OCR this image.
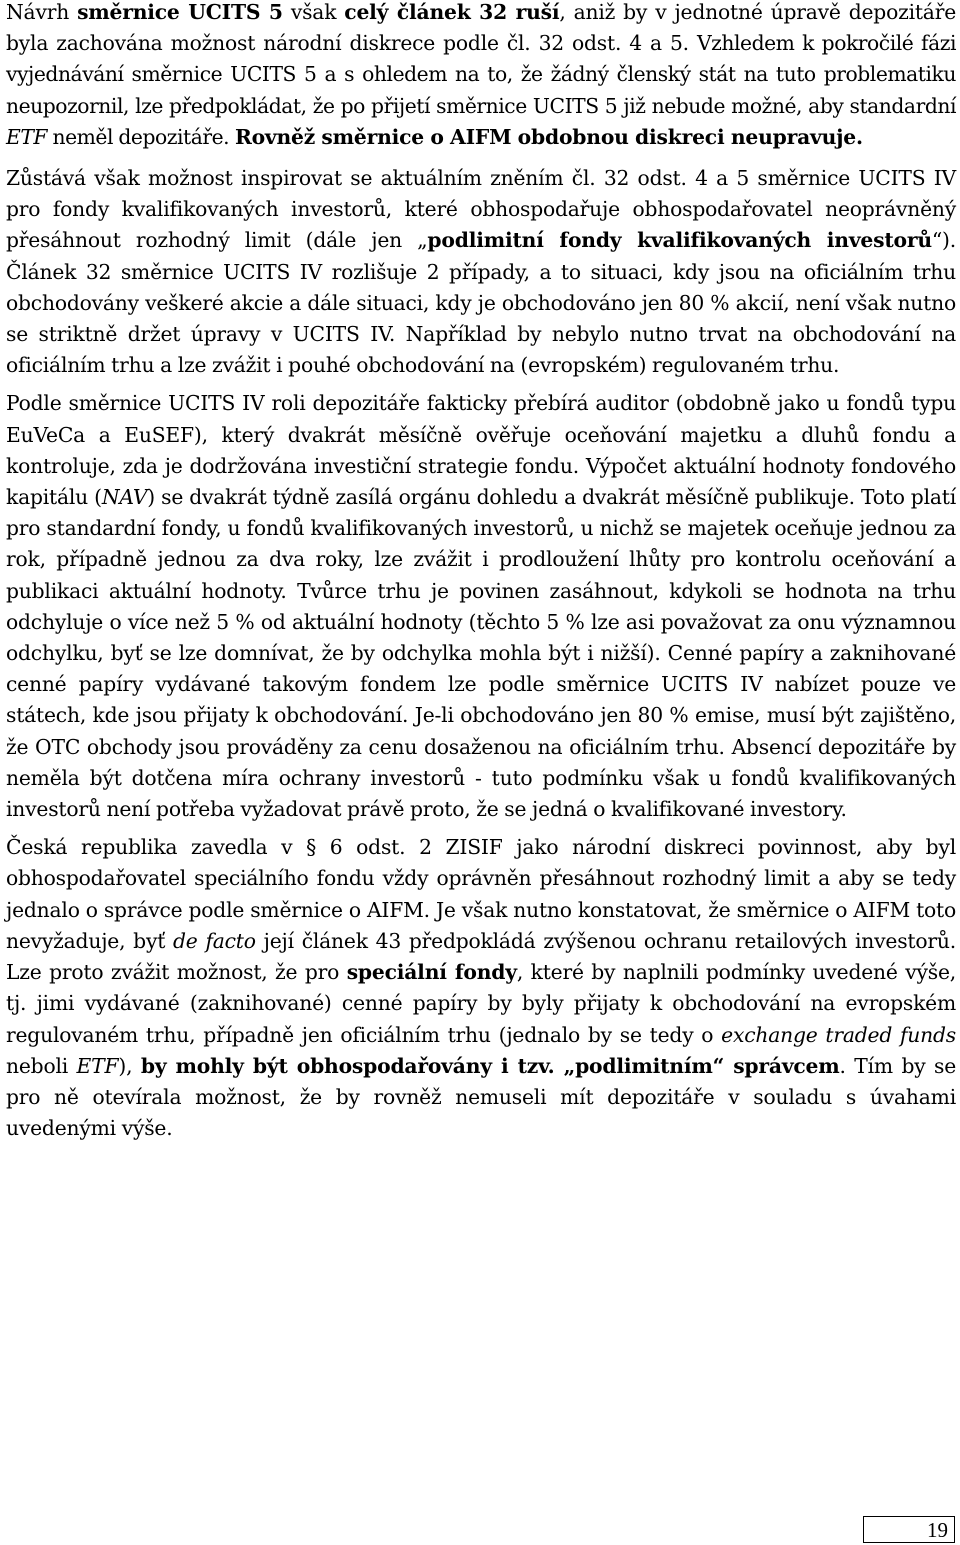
Návrh směrnice UCITS 5 však celý článek 32 ruší, aniž by v jednotné úpravě depozitáře byla zachována možnost národní diskrece podle čl. 32 odst. 4 a 5. Vzhledem k pokročilé fázi vyjednávání směrnice UCITS 5 a s ohledem na to, že žádný členský stát na tuto problematiku neupozornil, lze předpokládat, že po přijetí směrnice UCITS 5 již nebude možné, aby standardní ETF neměl depozitáře. Rovněž směrnice o AIFM obdobnou diskreci neupravuje.

Zůstává však možnost inspirovat se aktuálním zněním čl. 32 odst. 4 a 5 směrnice UCITS IV pro fondy kvalifikovaných investorů, které obhospodařuje obhospodařovatel neoprávněný přesáhnout rozhodný limit (dále jen „podlimitní fondy kvalifikovaných investorů“). Článek 32 směrnice UCITS IV rozlišuje 2 případy, a to situaci, kdy jsou na oficiálním trhu obchodovány veškeré akcie a dále situaci, kdy je obchodováno jen 80 % akcií, není však nutno se striktně držet úpravy v UCITS IV. Například by nebylo nutno trvat na obchodování na oficiálním trhu a lze zvážit i pouhé obchodování na (evropském) regulovaném trhu.

Podle směrnice UCITS IV roli depozitáře fakticky přebírá auditor (obdobně jako u fondů typu EuVeCa a EuSEF), který dvakrát měsíčně ověřuje oceňování majetku a dluhů fondu a kontroluje, zda je dodržována investiční strategie fondu. Výpočet aktuální hodnoty fondového kapitálu (NAV) se dvakrát týdně zasílá orgánu dohledu a dvakrát měsíčně publikuje. Toto platí pro standardní fondy, u fondů kvalifikovaných investorů, u nichž se majetek oceňuje jednou za rok, případně jednou za dva roky, lze zvážit i prodloužení lhůty pro kontrolu oceňování a publikaci aktuální hodnoty. Tvůrce trhu je povinen zasáhnout, kdykoli se hodnota na trhu odchyluje o více než 5 % od aktuální hodnoty (těchto 5 % lze asi považovat za onu významnou odchylku, byť se lze domnívat, že by odchylka mohla být i nižší). Cenné papíry a zaknihované cenné papíry vydávané takovým fondem lze podle směrnice UCITS IV nabízet pouze ve státech, kde jsou přijaty k obchodování. Je-li obchodováno jen 80 % emise, musí být zajištěno, že OTC obchody jsou prováděny za cenu dosaženou na oficiálním trhu. Absencí depozitáře by neměla být dotčena míra ochrany investorů - tuto podmínku však u fondů kvalifikovaných investorů není potřeba vyžadovat právě proto, že se jedná o kvalifikované investory.

Česká republika zavedla v § 6 odst. 2 ZISIF jako národní diskreci povinnost, aby byl obhospodařovatel speciálního fondu vždy oprávněn přesáhnout rozhodný limit a aby se tedy jednalo o správce podle směrnice o AIFM. Je však nutno konstatovat, že směrnice o AIFM toto nevyžaduje, byť de facto její článek 43 předpokládá zvýšenou ochranu retailových investorů. Lze proto zvážit možnost, že pro speciální fondy, které by naplnili podmínky uvedené výše, tj. jimi vydávané (zaknihované) cenné papíry by byly přijaty k obchodování na evropském regulovaném trhu, případně jen oficiálním trhu (jednalo by se tedy o exchange traded funds neboli ETF), by mohly být obhospodařovány i tzv. „podlimitním“ správcem. Tím by se pro ně otevírala možnost, že by rovněž nemuseli mít depozitáře v souladu s úvahami uvedenými výše.

19
